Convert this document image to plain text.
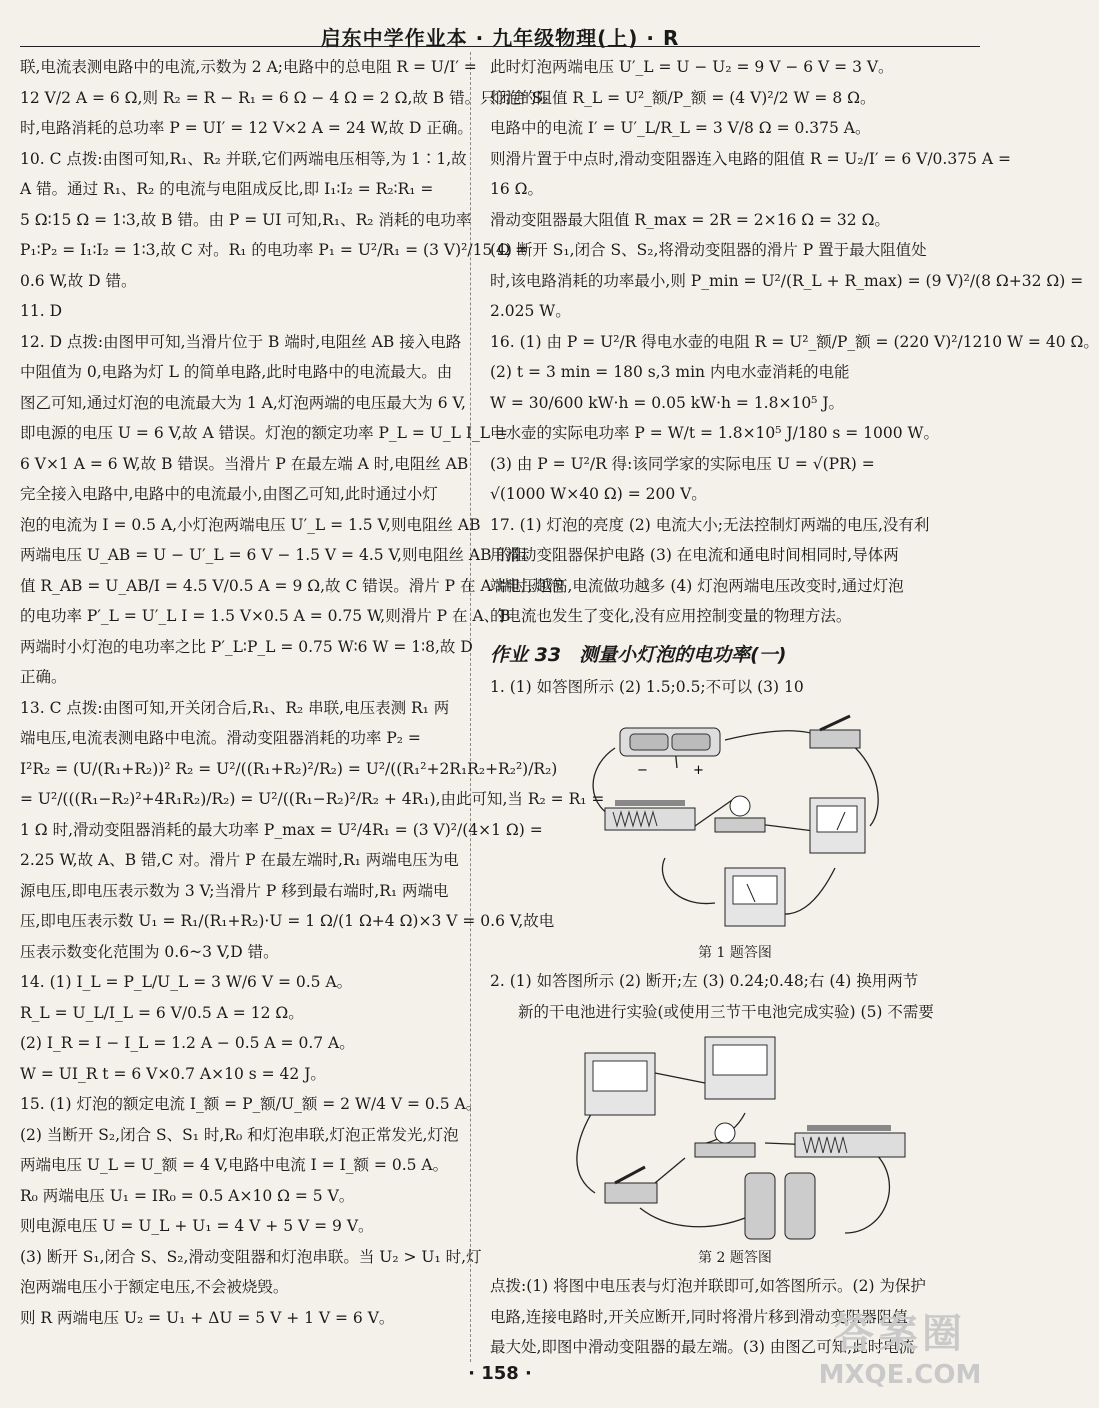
启东中学作业本 · 九年级物理(上) · R
联,电流表测电路中的电流,示数为 2 A;电路中的总电阻 R = U/I′ =
12 V/2 A = 6 Ω,则 R₂ = R − R₁ = 6 Ω − 4 Ω = 2 Ω,故 B 错。只闭合 S₂
时,电路消耗的总功率 P = UI′ = 12 V×2 A = 24 W,故 D 正确。
10. C 点拨:由图可知,R₁、R₂ 并联,它们两端电压相等,为 1∶1,故
A 错。通过 R₁、R₂ 的电流与电阻成反比,即 I₁∶I₂ = R₂∶R₁ =
5 Ω∶15 Ω = 1∶3,故 B 错。由 P = UI 可知,R₁、R₂ 消耗的电功率
P₁∶P₂ = I₁∶I₂ = 1∶3,故 C 对。R₁ 的电功率 P₁ = U²/R₁ = (3 V)²/15 Ω =
0.6 W,故 D 错。
11. D
12. D 点拨:由图甲可知,当滑片位于 B 端时,电阻丝 AB 接入电路
中阻值为 0,电路为灯 L 的简单电路,此时电路中的电流最大。由
图乙可知,通过灯泡的电流最大为 1 A,灯泡两端的电压最大为 6 V,
即电源的电压 U = 6 V,故 A 错误。灯泡的额定功率 P_L = U_L I_L =
6 V×1 A = 6 W,故 B 错误。当滑片 P 在最左端 A 时,电阻丝 AB
完全接入电路中,电路中的电流最小,由图乙可知,此时通过小灯
泡的电流为 I = 0.5 A,小灯泡两端电压 U′_L = 1.5 V,则电阻丝 AB
两端电压 U_AB = U − U′_L = 6 V − 1.5 V = 4.5 V,则电阻丝 AB 的阻
值 R_AB = U_AB/I = 4.5 V/0.5 A = 9 Ω,故 C 错误。滑片 P 在 A 端时,灯泡
的电功率 P′_L = U′_L I = 1.5 V×0.5 A = 0.75 W,则滑片 P 在 A、B
两端时小灯泡的电功率之比 P′_L∶P_L = 0.75 W∶6 W = 1∶8,故 D
正确。
13. C 点拨:由图可知,开关闭合后,R₁、R₂ 串联,电压表测 R₁ 两
端电压,电流表测电路中电流。滑动变阻器消耗的功率 P₂ =
I²R₂ = (U/(R₁+R₂))² R₂ = U²/((R₁+R₂)²/R₂) = U²/((R₁²+2R₁R₂+R₂²)/R₂)
= U²/(((R₁−R₂)²+4R₁R₂)/R₂) = U²/((R₁−R₂)²/R₂ + 4R₁),由此可知,当 R₂ = R₁ =
1 Ω 时,滑动变阻器消耗的最大功率 P_max = U²/4R₁ = (3 V)²/(4×1 Ω) =
2.25 W,故 A、B 错,C 对。滑片 P 在最左端时,R₁ 两端电压为电
源电压,即电压表示数为 3 V;当滑片 P 移到最右端时,R₁ 两端电
压,即电压表示数 U₁ = R₁/(R₁+R₂)·U = 1 Ω/(1 Ω+4 Ω)×3 V = 0.6 V,故电
压表示数变化范围为 0.6~3 V,D 错。
14. (1) I_L = P_L/U_L = 3 W/6 V = 0.5 A。
R_L = U_L/I_L = 6 V/0.5 A = 12 Ω。
(2) I_R = I − I_L = 1.2 A − 0.5 A = 0.7 A。
W = UI_R t = 6 V×0.7 A×10 s = 42 J。
15. (1) 灯泡的额定电流 I_额 = P_额/U_额 = 2 W/4 V = 0.5 A。
(2) 当断开 S₂,闭合 S、S₁ 时,R₀ 和灯泡串联,灯泡正常发光,灯泡
两端电压 U_L = U_额 = 4 V,电路中电流 I = I_额 = 0.5 A。
R₀ 两端电压 U₁ = IR₀ = 0.5 A×10 Ω = 5 V。
则电源电压 U = U_L + U₁ = 4 V + 5 V = 9 V。
(3) 断开 S₁,闭合 S、S₂,滑动变阻器和灯泡串联。当 U₂ > U₁ 时,灯
泡两端电压小于额定电压,不会被烧毁。
则 R 两端电压 U₂ = U₁ + ΔU = 5 V + 1 V = 6 V。
此时灯泡两端电压 U′_L = U − U₂ = 9 V − 6 V = 3 V。
灯泡的阻值 R_L = U²_额/P_额 = (4 V)²/2 W = 8 Ω。
电路中的电流 I′ = U′_L/R_L = 3 V/8 Ω = 0.375 A。
则滑片置于中点时,滑动变阻器连入电路的阻值 R = U₂/I′ = 6 V/0.375 A =
16 Ω。
滑动变阻器最大阻值 R_max = 2R = 2×16 Ω = 32 Ω。
(4) 断开 S₁,闭合 S、S₂,将滑动变阻器的滑片 P 置于最大阻值处
时,该电路消耗的功率最小,则 P_min = U²/(R_L + R_max) = (9 V)²/(8 Ω+32 Ω) =
2.025 W。
16. (1) 由 P = U²/R 得电水壶的电阻 R = U²_额/P_额 = (220 V)²/1210 W = 40 Ω。
(2) t = 3 min = 180 s,3 min 内电水壶消耗的电能
W = 30/600 kW·h = 0.05 kW·h = 1.8×10⁵ J。
电水壶的实际电功率 P = W/t = 1.8×10⁵ J/180 s = 1000 W。
(3) 由 P = U²/R 得:该同学家的实际电压 U = √(PR) =
√(1000 W×40 Ω) = 200 V。
17. (1) 灯泡的亮度 (2) 电流大小;无法控制灯两端的电压,没有利
用滑动变阻器保护电路 (3) 在电流和通电时间相同时,导体两
端电压越高,电流做功越多 (4) 灯泡两端电压改变时,通过灯泡
的电流也发生了变化,没有应用控制变量的物理方法。
作业 33 测量小灯泡的电功率(一)
1. (1) 如答图所示 (2) 1.5;0.5;不可以 (3) 10
−	+
第 1 题答图
2. (1) 如答图所示 (2) 断开;左 (3) 0.24;0.48;右 (4) 换用两节
新的干电池进行实验(或使用三节干电池完成实验) (5) 不需要
第 2 题答图
点拨:(1) 将图中电压表与灯泡并联即可,如答图所示。(2) 为保护
电路,连接电路时,开关应断开,同时将滑片移到滑动变阻器阻值
最大处,即图中滑动变阻器的最左端。(3) 由图乙可知,此时电流
· 158 ·
答案圈
MXQE.COM
